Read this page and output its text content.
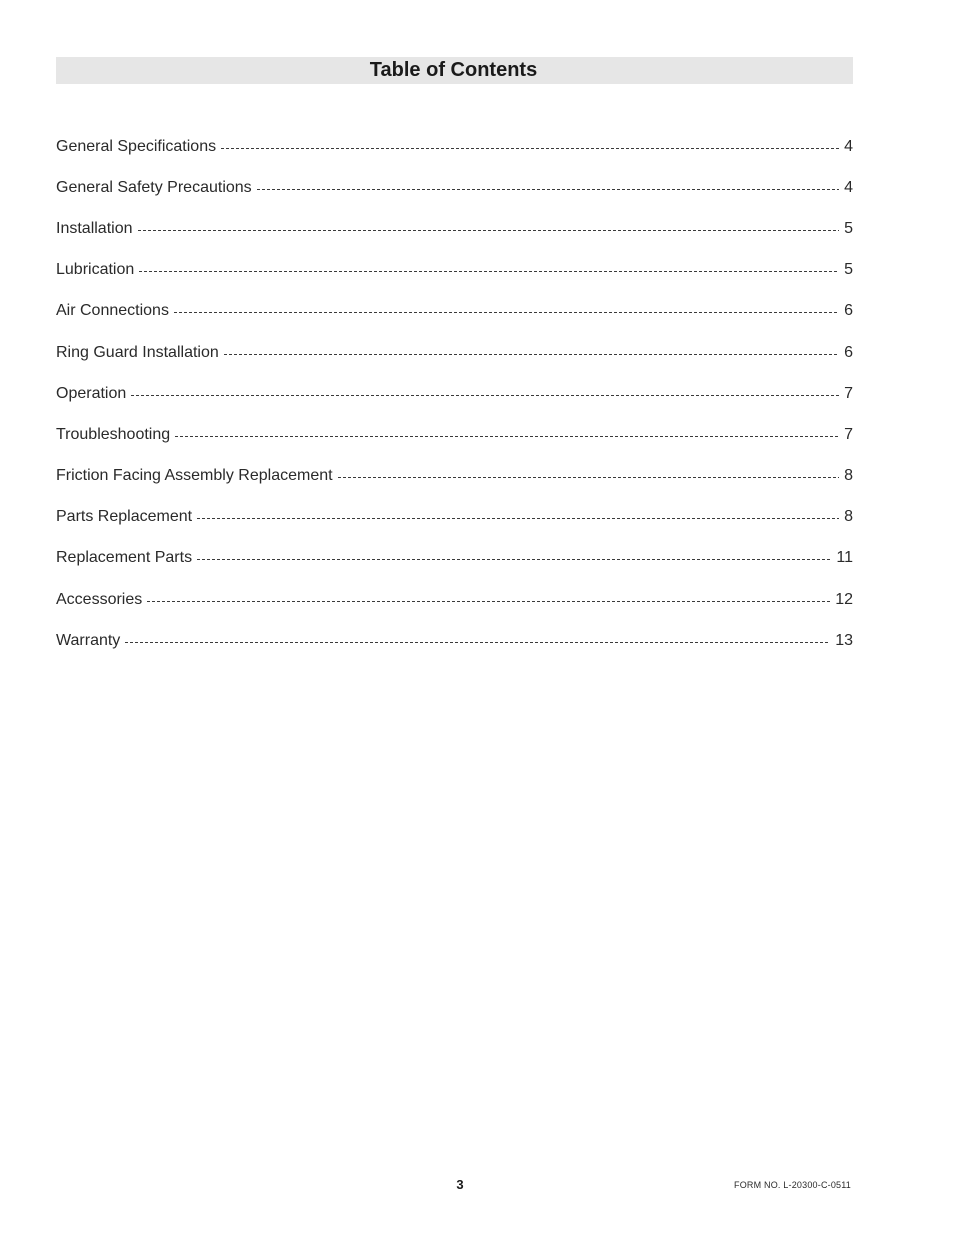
Table of Contents
General Specifications	4
General Safety Precautions	4
Installation	5
Lubrication	5
Air Connections	6
Ring Guard Installation	6
Operation	7
Troubleshooting	7
Friction Facing Assembly Replacement	8
Parts Replacement	8
Replacement Parts	11
Accessories	12
Warranty	13
3	FORM NO. L-20300-C-0511
